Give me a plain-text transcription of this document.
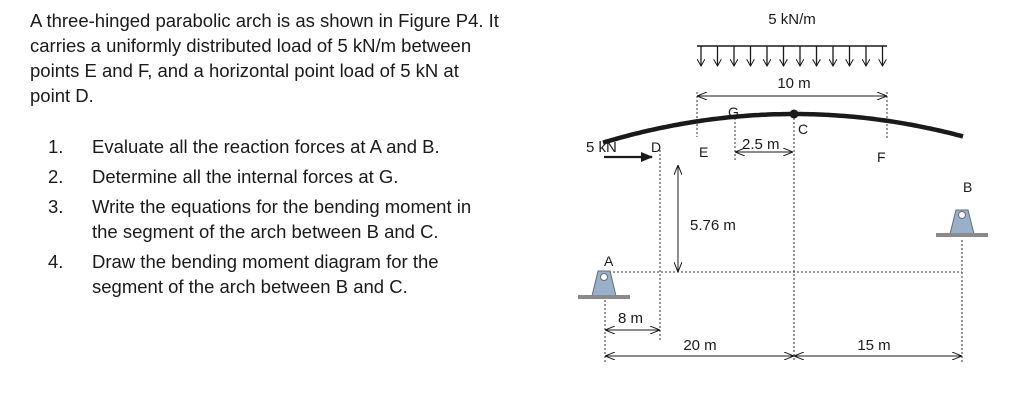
A three-hinged parabolic arch is as shown in Figure P4. It
carries a uniformly distributed load of 5 kN/m between
points E and F, and a horizontal point load of 5 kN at
point D.

1. Evaluate all the reaction forces at A and B.
2. Determine all the internal forces at G.
3. Write the equations for the bending moment in
the segment of the arch between B and C.
4. Draw the bending moment diagram for the
segment of the arch between B and C.
5 kN/m
10 m
A
B
C
D	E	F
G
5 kN	2.5 m
5.76 m
8 m
20 m	15 m
